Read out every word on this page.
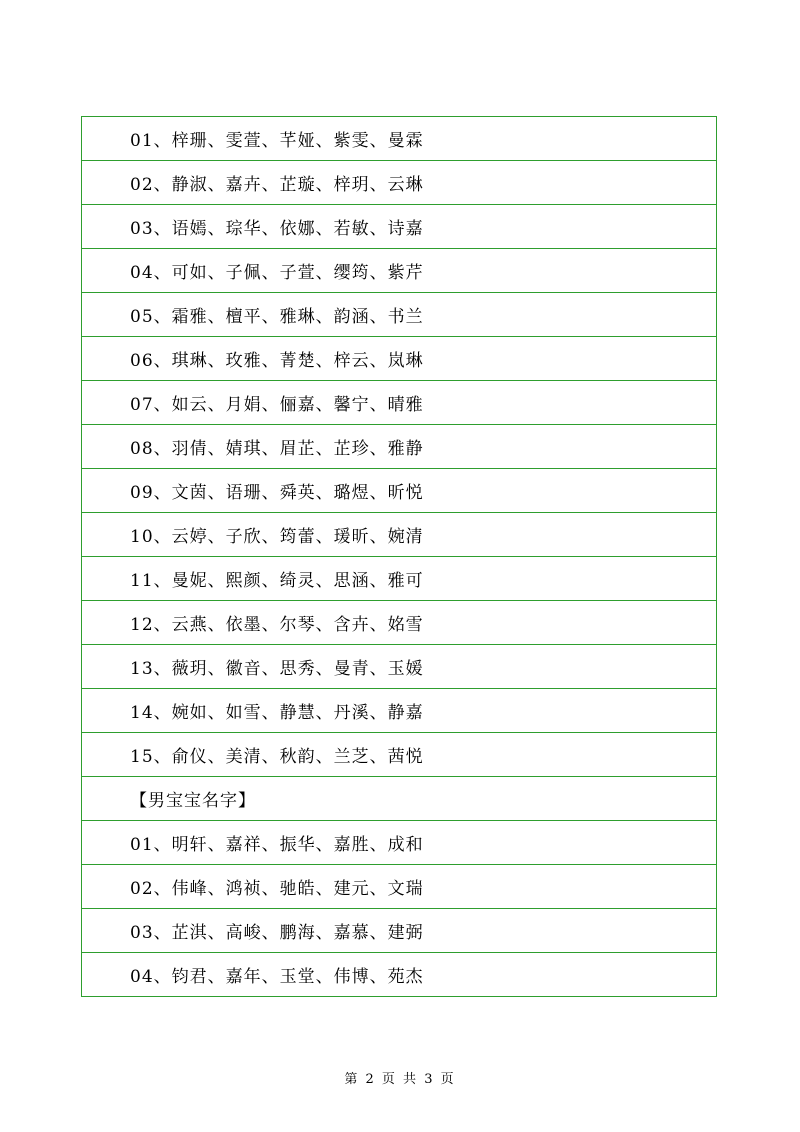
01、梓珊、雯萱、芊娅、紫雯、曼霖
02、静淑、嘉卉、芷璇、梓玥、云琳
03、语嫣、琮华、依娜、若敏、诗嘉
04、可如、子佩、子萱、缨筠、紫芹
05、霜雅、檀平、雅琳、韵涵、书兰
06、琪琳、玫雅、菁楚、梓云、岚琳
07、如云、月娟、俪嘉、馨宁、晴雅
08、羽倩、婧琪、眉芷、芷珍、雅静
09、文茵、语珊、舜英、璐煜、昕悦
10、云婷、子欣、筠蕾、瑗昕、婉清
11、曼妮、熙颜、绮灵、思涵、雅可
12、云燕、依墨、尔琴、含卉、姳雪
13、薇玥、徽音、思秀、曼青、玉媛
14、婉如、如雪、静慧、丹溪、静嘉
15、俞仪、美清、秋韵、兰芝、茜悦
【男宝宝名字】
01、明轩、嘉祥、振华、嘉胜、成和
02、伟峰、鸿祯、驰皓、建元、文瑞
03、芷淇、高峻、鹏海、嘉慕、建弼
04、钧君、嘉年、玉堂、伟博、苑杰
第 2 页 共 3 页
